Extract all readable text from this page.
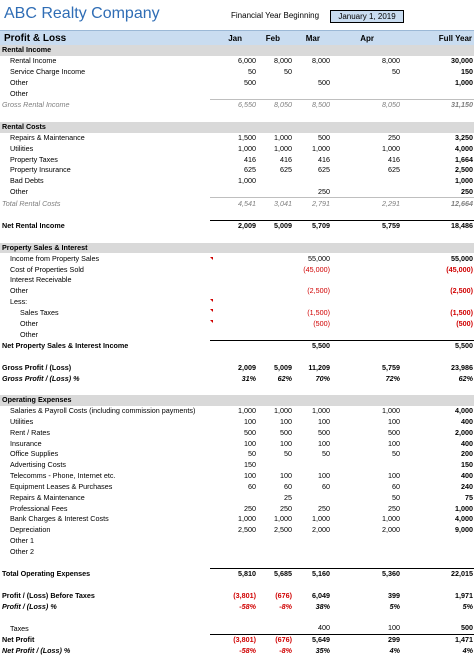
ABC Realty Company	Financial Year Beginning	January 1, 2019
Profit & Loss	Jan	Feb	Mar	Apr	Full Year
Rental Income					
Rental Income	6,000	8,000	8,000	8,000	30,000
Service Charge Income	50	50		50	150
Other	500		500		1,000
Other					
Gross Rental Income	6,550	8,050	8,500	8,050	31,150

Rental Costs					
Repairs & Maintenance	1,500	1,000	500	250	3,250
Utilities	1,000	1,000	1,000	1,000	4,000
Property Taxes	416	416	416	416	1,664
Property Insurance	625	625	625	625	2,500
Bad Debts	1,000				1,000
Other			250		250
Total Rental Costs	4,541	3,041	2,791	2,291	12,664

Net Rental Income	2,009	5,009	5,709	5,759	18,486

Property Sales & Interest					
Income from Property Sales			55,000		55,000
Cost of Properties Sold			(45,000)		(45,000)
Interest Receivable					
Other			(2,500)		(2,500)
Less:					
Sales Taxes			(1,500)		(1,500)
Other			(500)		(500)
Other					
Net Property Sales & Interest Income			5,500		5,500

Gross Profit / (Loss)	2,009	5,009	11,209	5,759	23,986
Gross Profit / (Loss) %	31%	62%	70%	72%	62%

Operating Expenses					
Salaries & Payroll Costs (including commission payments)	1,000	1,000	1,000	1,000	4,000
Utilities	100	100	100	100	400
Rent / Rates	500	500	500	500	2,000
Insurance	100	100	100	100	400
Office Supplies	50	50	50	50	200
Advertising Costs	150				150
Telecomms - Phone, Internet etc.	100	100	100	100	400
Equipment Leases & Purchases	60	60	60	60	240
Repairs & Maintenance		25		50	75
Professional Fees	250	250	250	250	1,000
Bank Charges & Interest Costs	1,000	1,000	1,000	1,000	4,000
Depreciation	2,500	2,500	2,000	2,000	9,000
Other 1					
Other 2					

Total Operating Expenses	5,810	5,685	5,160	5,360	22,015

Profit / (Loss) Before Taxes	(3,801)	(676)	6,049	399	1,971
Profit / (Loss) %	-58%	-8%	38%	5%	5%

Taxes			400	100	500
Net Profit	(3,801)	(676)	5,649	299	1,471
Net Profit / (Loss) %	-58%	-8%	35%	4%	4%
